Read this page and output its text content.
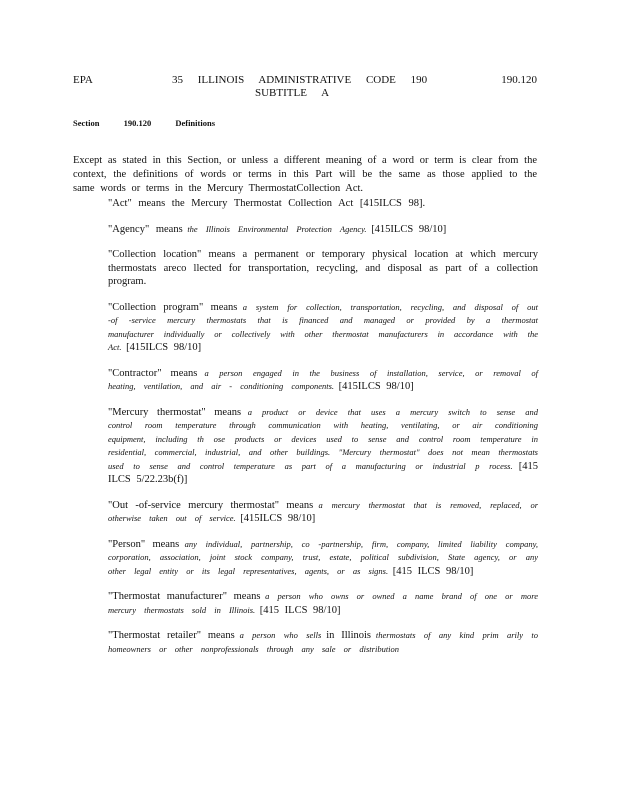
EPA	35 ILLINOIS ADMINISTRATIVE CODE 190
SUBTITLE A
190.120
Section	190.120	Definitions

Except as stated in this Section, or unless a different meaning of a word or term is clear from the context, the definitions of words or terms in this Part will be the same as those applied to the same words or terms in the Mercury ThermostatCollection Act.

"Act" means the Mercury Thermostat Collection Act [415ILCS 98].

"Agency" means the Illinois Environmental Protection Agency. [415ILCS 98/10]

"Collection location" means a permanent or temporary physical location at which mercury thermostats areco llected for transportation, recycling, and disposal as part of a collection program.

"Collection program" means a system for collection, transportation, recycling, and disposal of out -of -service mercury thermostats that is financed and managed or provided by a thermostat manufacturer individually or collectively with other thermostat manufacturers in accordance with the Act. [415ILCS 98/10]

"Contractor" means a person engaged in the business of installation, service, or removal of heating, ventilation, and air - conditioning components. [415ILCS 98/10]

"Mercury thermostat" means a product or device that uses a mercury switch to sense and control room temperature through communication with heating, ventilating, or air conditioning equipment, including th ose products or devices used to sense and control room temperature in residential, commercial, industrial, and other buildings. "Mercury thermostat" does not mean thermostats used to sense and control temperature as part of a manufacturing or industrial p rocess. [415 ILCS 5/22.23b(f)]

"Out -of-service mercury thermostat" means a mercury thermostat that is removed, replaced, or otherwise taken out of service. [415ILCS 98/10]

"Person" means any individual, partnership, co -partnership, firm, company, limited liability company, corporation, association, joint stock company, trust, estate, political subdivision, State agency, or any other legal entity or its legal representatives, agents, or as signs. [415 ILCS 98/10]

"Thermostat manufacturer" means a person who owns or owned a name brand of one or more mercury thermostats sold in Illinois. [415 ILCS 98/10]

"Thermostat retailer" means a person who sells in Illinois thermostats of any kind prim arily to homeowners or other nonprofessionals through any sale or distribution
